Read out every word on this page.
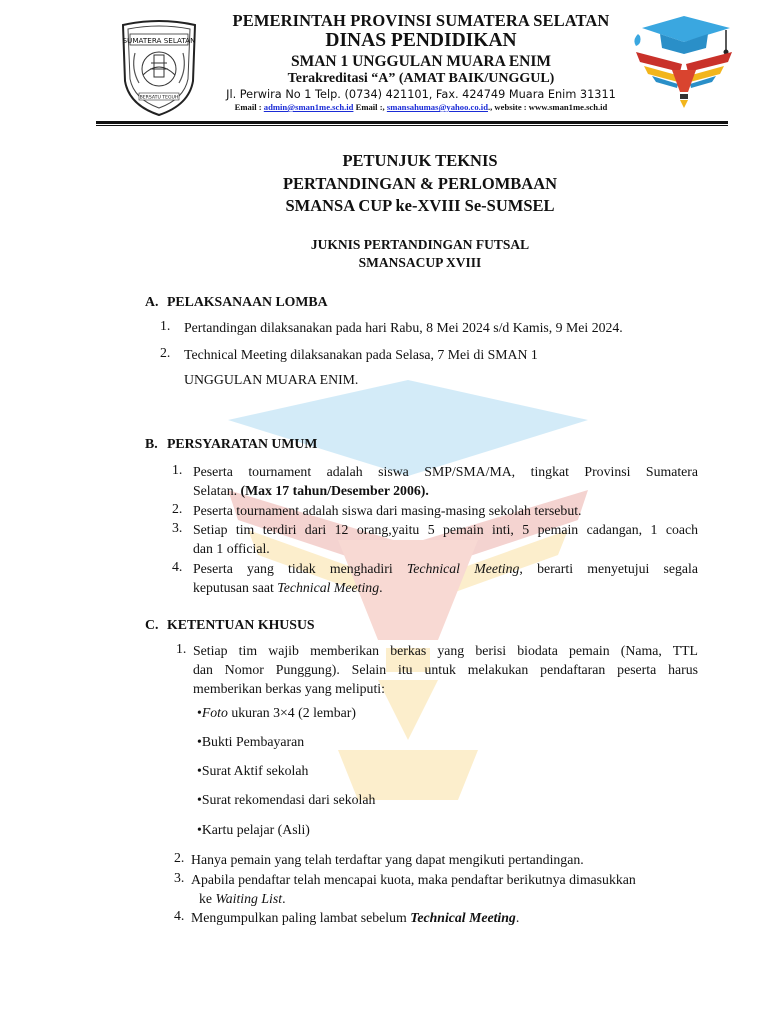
SUMATERA SELATAN
BERSATU TEGUH
PEMERINTAH PROVINSI SUMATERA SELATAN
DINAS PENDIDIKAN
SMAN 1 UNGGULAN MUARA ENIM
Terakreditasi “A” (AMAT BAIK/UNGGUL)
Jl. Perwira No 1 Telp. (0734) 421101, Fax. 424749 Muara Enim 31311
Email : admin@sman1me.sch.id Email :, smansahumas@yahoo.co.id., website : www.sman1me.sch.id
PETUNJUK TEKNIS
PERTANDINGAN & PERLOMBAAN
SMANSA CUP ke-XVIII Se-SUMSEL
JUKNIS PERTANDINGAN FUTSAL
SMANSACUP XVIII
A. PELAKSANAAN LOMBA
1. Pertandingan dilaksanakan pada hari Rabu, 8 Mei 2024 s/d Kamis, 9 Mei 2024.
2. Technical Meeting dilaksanakan pada Selasa, 7 Mei di SMAN 1
UNGGULAN MUARA ENIM.
B. PERSYARATAN UMUM
1. Peserta tournament adalah siswa SMP/SMA/MA, tingkat Provinsi Sumatera
Selatan. (Max 17 tahun/Desember 2006).
2. Peserta tournament adalah siswa dari masing-masing sekolah tersebut.
3. Setiap tim terdiri dari 12 orang,yaitu 5 pemain inti, 5 pemain cadangan, 1 coach
dan 1 official.
4. Peserta yang tidak menghadiri Technical Meeting, berarti menyetujui segala
keputusan saat Technical Meeting.
C. KETENTUAN KHUSUS
1. Setiap tim wajib memberikan berkas yang berisi biodata pemain (Nama, TTL
dan Nomor Punggung). Selain itu untuk melakukan pendaftaran peserta harus
memberikan berkas yang meliputi:
•Foto ukuran 3×4 (2 lembar)
•Bukti Pembayaran
•Surat Aktif sekolah
•Surat rekomendasi dari sekolah
•Kartu pelajar (Asli)
2. Hanya pemain yang telah terdaftar yang dapat mengikuti pertandingan.
3. Apabila pendaftar telah mencapai kuota, maka pendaftar berikutnya dimasukkan
ke Waiting List.
4. Mengumpulkan paling lambat sebelum Technical Meeting.
